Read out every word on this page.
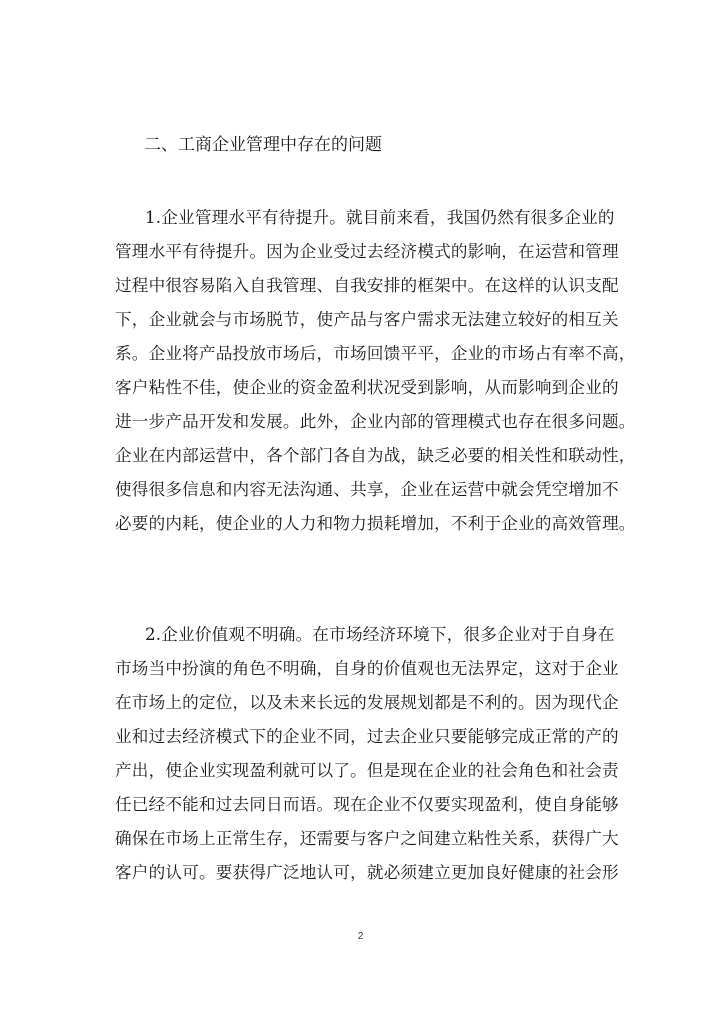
二、工商企业管理中存在的问题
1.企业管理水平有待提升。就目前来看，我国仍然有很多企业的
管理水平有待提升。因为企业受过去经济模式的影响，在运营和管理
过程中很容易陷入自我管理、自我安排的框架中。在这样的认识支配
下，企业就会与市场脱节，使产品与客户需求无法建立较好的相互关
系。企业将产品投放市场后，市场回馈平平，企业的市场占有率不高，
客户粘性不佳，使企业的资金盈利状况受到影响，从而影响到企业的
进一步产品开发和发展。此外，企业内部的管理模式也存在很多问题。
企业在内部运营中，各个部门各自为战，缺乏必要的相关性和联动性，
使得很多信息和内容无法沟通、共享，企业在运营中就会凭空增加不
必要的内耗，使企业的人力和物力损耗增加，不利于企业的高效管理。
2.企业价值观不明确。在市场经济环境下，很多企业对于自身在
市场当中扮演的角色不明确，自身的价值观也无法界定，这对于企业
在市场上的定位，以及未来长远的发展规划都是不利的。因为现代企
业和过去经济模式下的企业不同，过去企业只要能够完成正常的产的
产出，使企业实现盈利就可以了。但是现在企业的社会角色和社会责
任已经不能和过去同日而语。现在企业不仅要实现盈利，使自身能够
确保在市场上正常生存，还需要与客户之间建立粘性关系，获得广大
客户的认可。要获得广泛地认可，就必须建立更加良好健康的社会形
2
